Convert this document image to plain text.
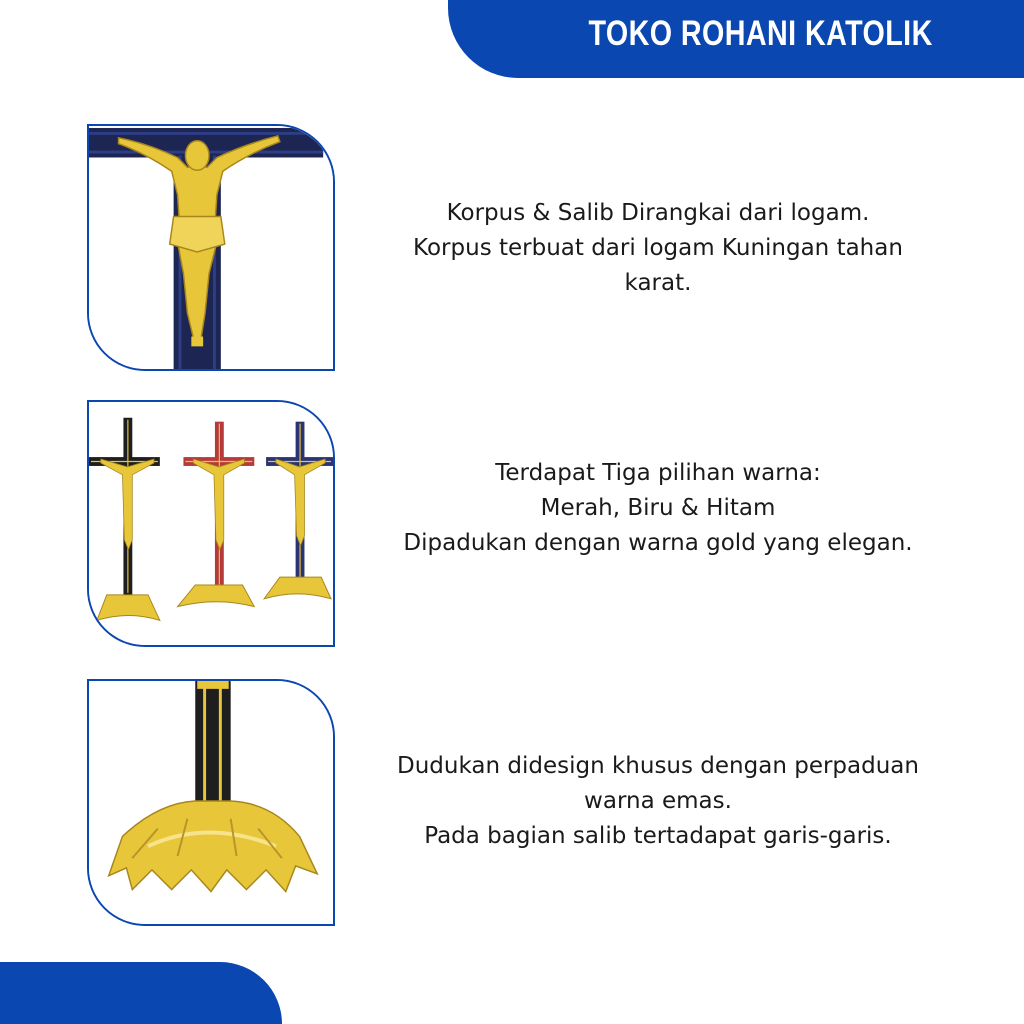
TOKO ROHANI KATOLIK
Korpus & Salib Dirangkai dari logam.
Korpus terbuat dari logam Kuningan tahan
karat.
Terdapat Tiga pilihan warna:
Merah, Biru & Hitam
Dipadukan dengan warna gold yang elegan.
Dudukan didesign khusus dengan perpaduan
warna emas.
Pada bagian salib tertadapat garis-garis.
